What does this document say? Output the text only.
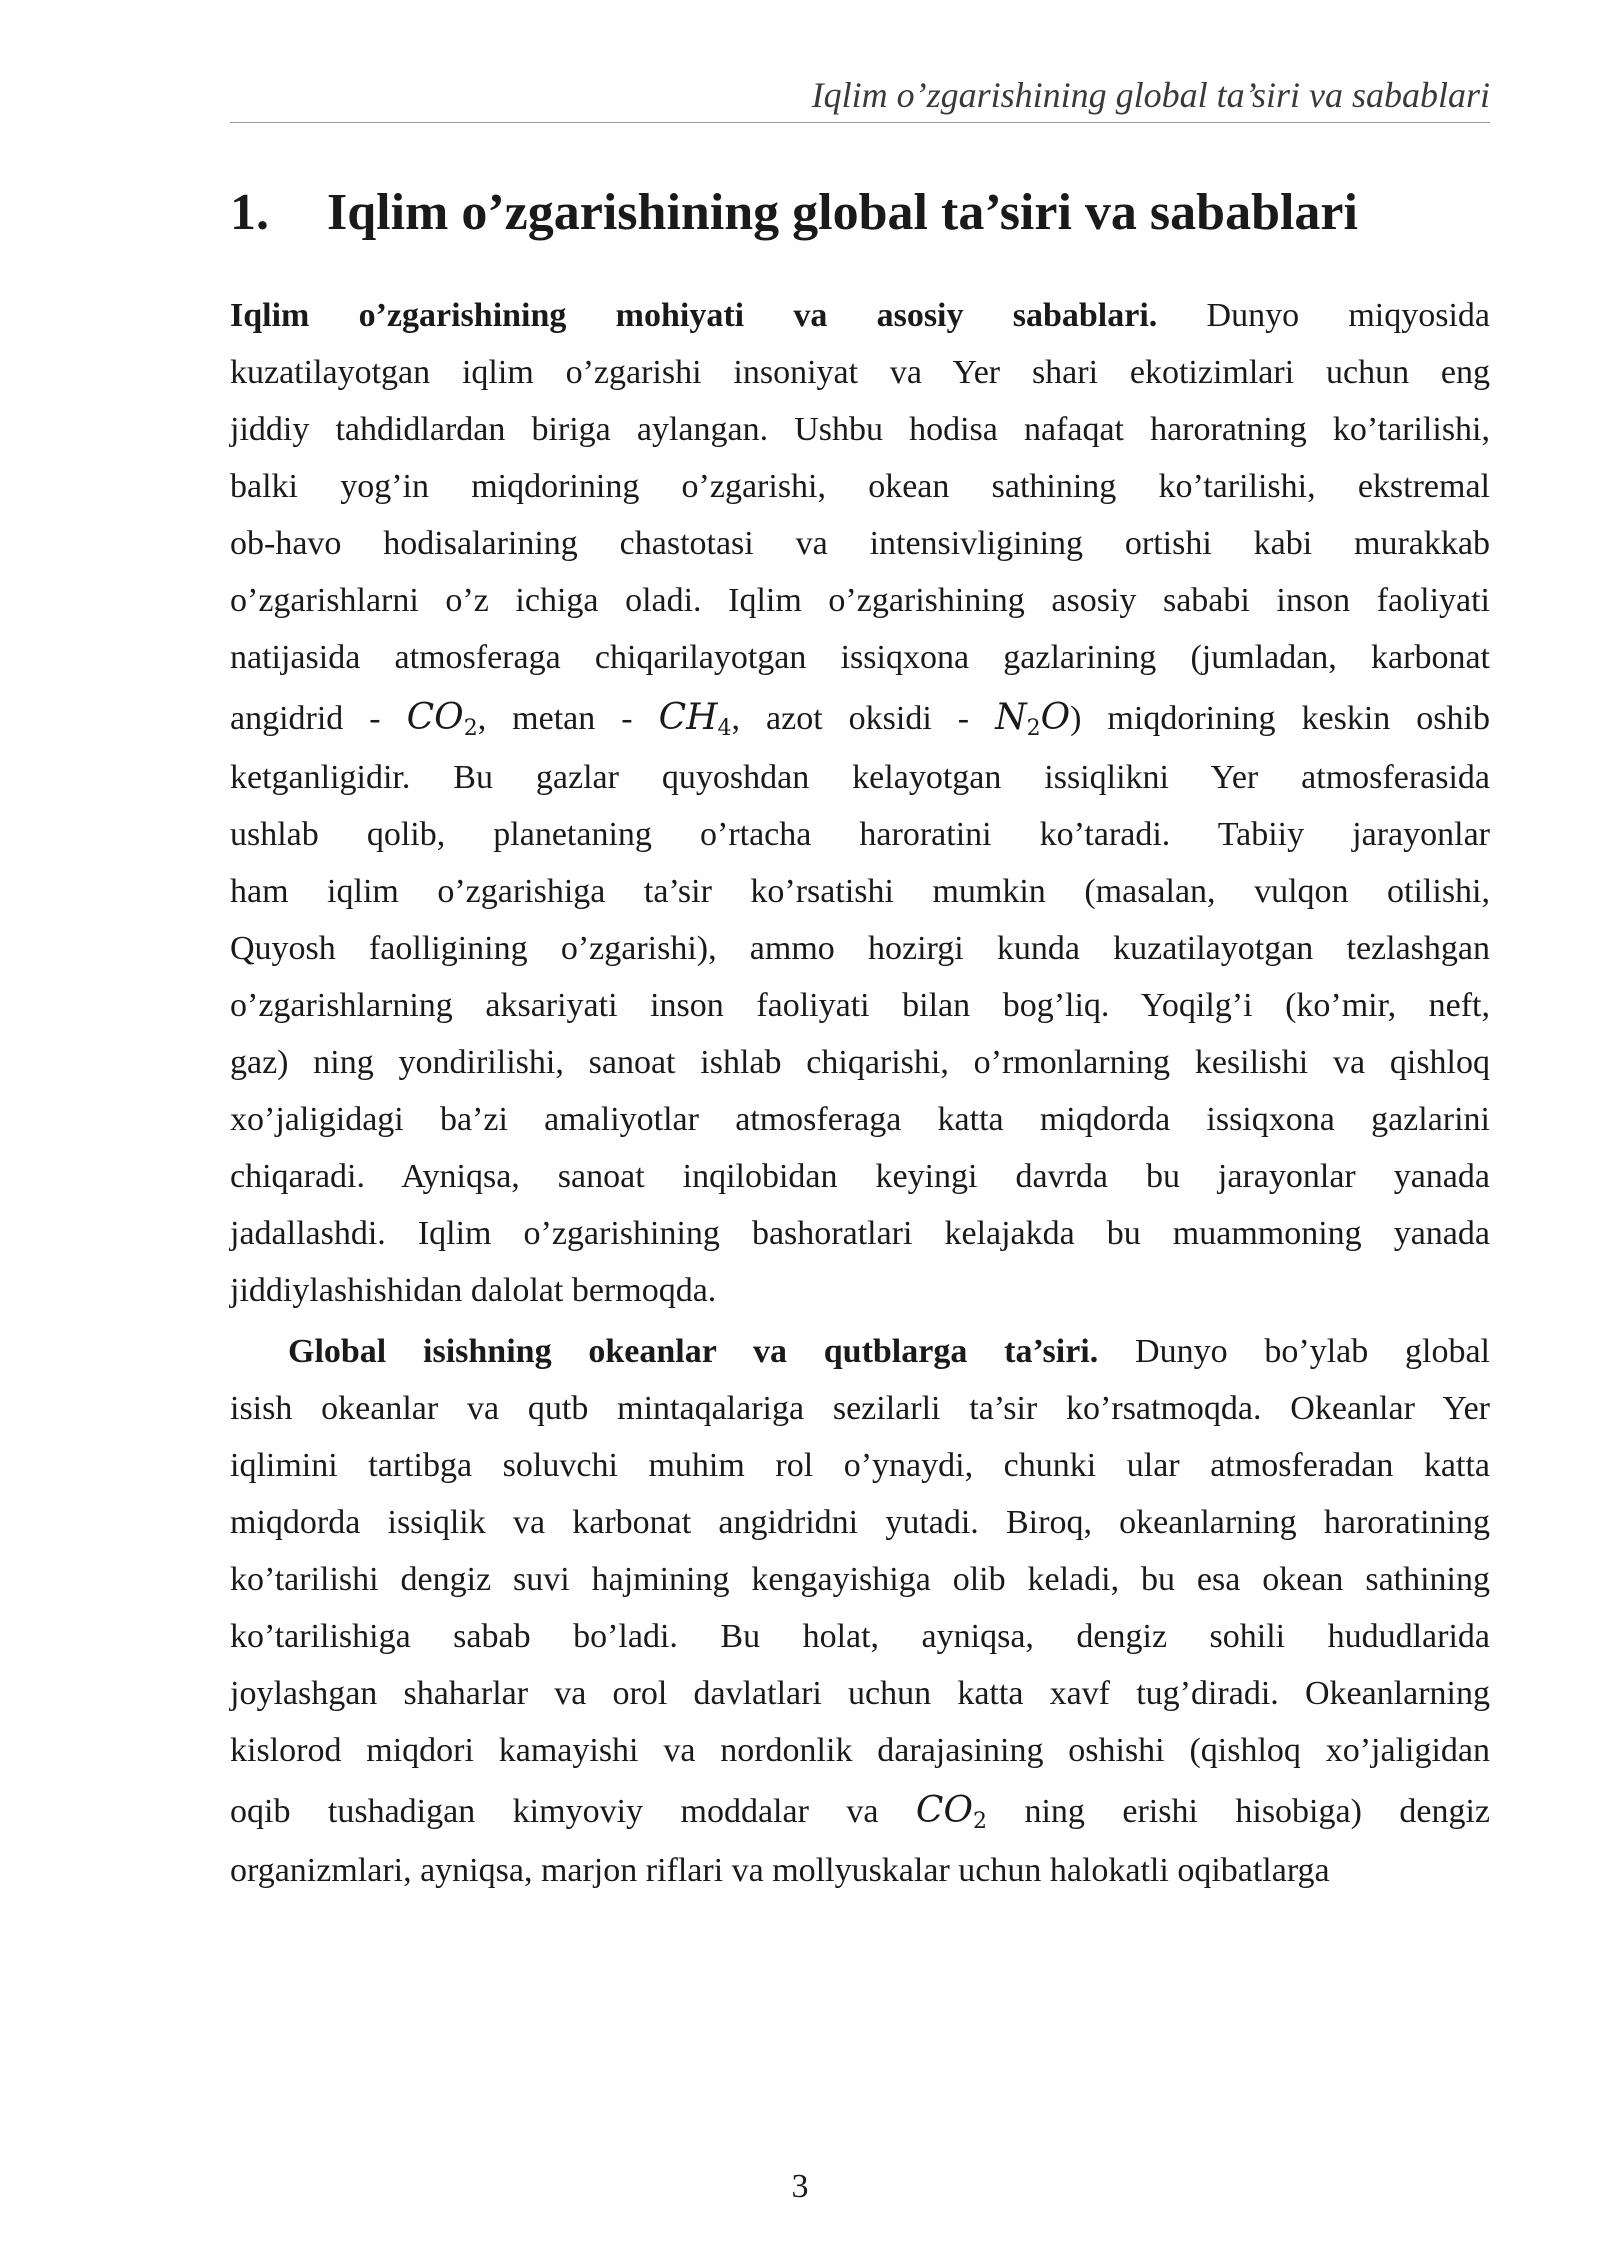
Iqlim o’zgarishining global ta’siri va sabablari
1. Iqlim o’zgarishining global ta’siri va sabablari
Iqlim o’zgarishining mohiyati va asosiy sabablari. Dunyo miqyosida
kuzatilayotgan iqlim o’zgarishi insoniyat va Yer shari ekotizimlari uchun eng
jiddiy tahdidlardan biriga aylangan. Ushbu hodisa nafaqat haroratning ko’tarilishi,
balki yog’in miqdorining o’zgarishi, okean sathining ko’tarilishi, ekstremal
ob-havo hodisalarining chastotasi va intensivligining ortishi kabi murakkab
o’zgarishlarni o’z ichiga oladi. Iqlim o’zgarishining asosiy sababi inson faoliyati
natijasida atmosferaga chiqarilayotgan issiqxona gazlarining (jumladan, karbonat
angidrid - $CO_2$, metan - $CH_4$, azot oksidi - $N_2O$) miqdorining keskin oshib
ketganligidir. Bu gazlar quyoshdan kelayotgan issiqlikni Yer atmosferasida
ushlab qolib, planetaning o’rtacha haroratini ko’taradi. Tabiiy jarayonlar
ham iqlim o’zgarishiga ta’sir ko’rsatishi mumkin (masalan, vulqon otilishi,
Quyosh faolligining o’zgarishi), ammo hozirgi kunda kuzatilayotgan tezlashgan
o’zgarishlarning aksariyati inson faoliyati bilan bog’liq. Yoqilg’i (ko’mir, neft,
gaz) ning yondirilishi, sanoat ishlab chiqarishi, o’rmonlarning kesilishi va qishloq
xo’jaligidagi ba’zi amaliyotlar atmosferaga katta miqdorda issiqxona gazlarini
chiqaradi. Ayniqsa, sanoat inqilobidan keyingi davrda bu jarayonlar yanada
jadallashdi. Iqlim o’zgarishining bashoratlari kelajakda bu muammoning yanada
jiddiylashishidan dalolat bermoqda.
Global isishning okeanlar va qutblarga ta’siri. Dunyo bo’ylab global
isish okeanlar va qutb mintaqalariga sezilarli ta’sir ko’rsatmoqda. Okeanlar Yer
iqlimini tartibga soluvchi muhim rol o’ynaydi, chunki ular atmosferadan katta
miqdorda issiqlik va karbonat angidridni yutadi. Biroq, okeanlarning haroratining
ko’tarilishi dengiz suvi hajmining kengayishiga olib keladi, bu esa okean sathining
ko’tarilishiga sabab bo’ladi. Bu holat, ayniqsa, dengiz sohili hududlarida
joylashgan shaharlar va orol davlatlari uchun katta xavf tug’diradi. Okeanlarning
kislorod miqdori kamayishi va nordonlik darajasining oshishi (qishloq xo’jaligidan
oqib tushadigan kimyoviy moddalar va $CO_2$ ning erishi hisobiga) dengiz
organizmlari, ayniqsa, marjon riflari va mollyuskalar uchun halokatli oqibatlarga
3
